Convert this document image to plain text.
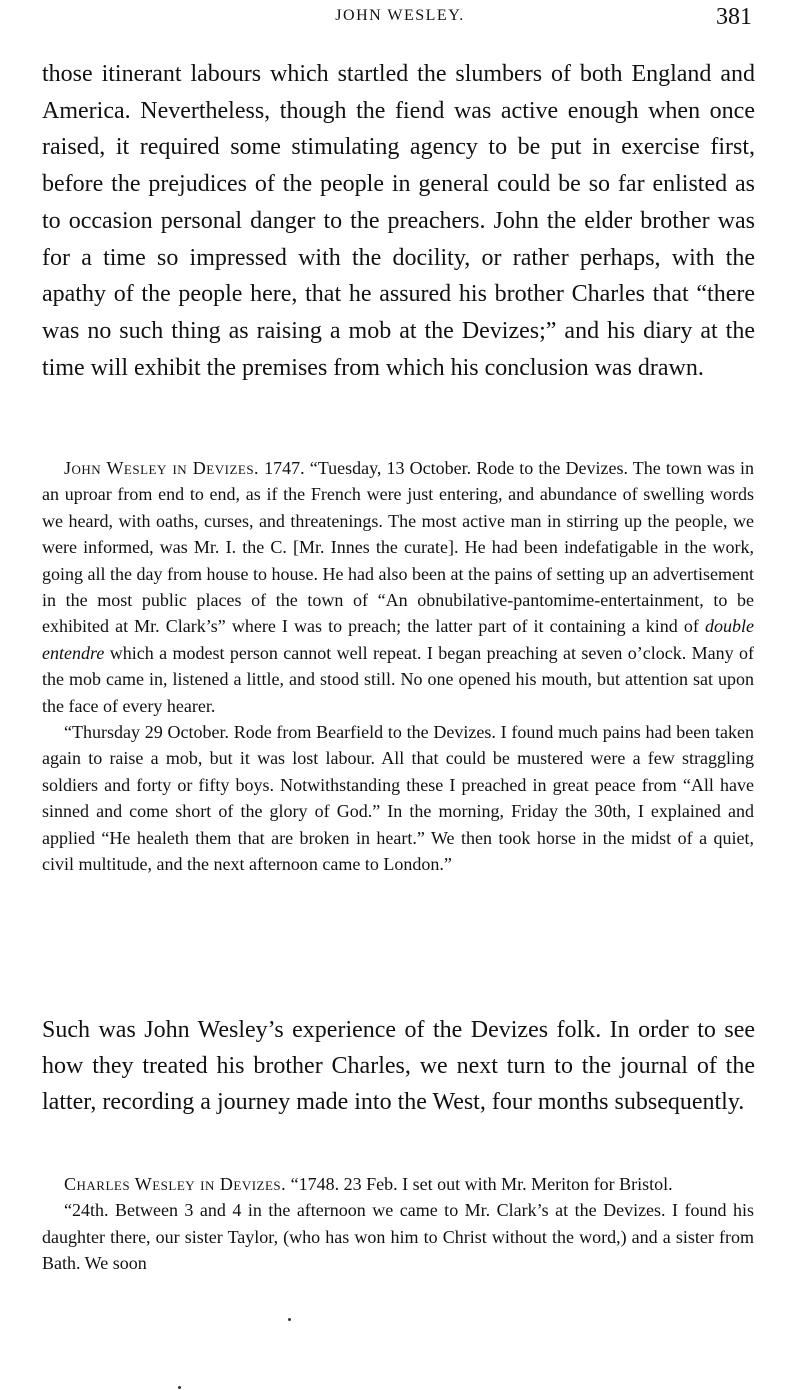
JOHN WESLEY.	381

those itinerant labours which startled the slumbers of both England and America. Nevertheless, though the fiend was active enough when once raised, it required some stimulating agency to be put in exercise first, before the prejudices of the people in general could be so far enlisted as to occasion personal danger to the preachers. John the elder brother was for a time so impressed with the docility, or rather perhaps, with the apathy of the people here, that he assured his brother Charles that “there was no such thing as raising a mob at the Devizes;” and his diary at the time will exhibit the premises from which his conclusion was drawn.

John Wesley in Devizes. 1747. “Tuesday, 13 October. Rode to the Devizes. The town was in an uproar from end to end, as if the French were just entering, and abundance of swelling words we heard, with oaths, curses, and threatenings. The most active man in stirring up the people, we were informed, was Mr. I. the C. [Mr. Innes the curate]. He had been indefatigable in the work, going all the day from house to house. He had also been at the pains of setting up an advertisement in the most public places of the town of “An obnubilative-pantomime-entertainment, to be exhibited at Mr. Clark’s” where I was to preach; the latter part of it containing a kind of double entendre which a modest person cannot well repeat. I began preaching at seven o’clock. Many of the mob came in, listened a little, and stood still. No one opened his mouth, but attention sat upon the face of every hearer.

“Thursday 29 October. Rode from Bearfield to the Devizes. I found much pains had been taken again to raise a mob, but it was lost labour. All that could be mustered were a few straggling soldiers and forty or fifty boys. Notwithstanding these I preached in great peace from “All have sinned and come short of the glory of God.” In the morning, Friday the 30th, I explained and applied “He healeth them that are broken in heart.” We then took horse in the midst of a quiet, civil multitude, and the next afternoon came to London.”

Such was John Wesley’s experience of the Devizes folk. In order to see how they treated his brother Charles, we next turn to the journal of the latter, recording a journey made into the West, four months subsequently.

Charles Wesley in Devizes. “1748. 23 Feb. I set out with Mr. Meriton for Bristol.

“24th. Between 3 and 4 in the afternoon we came to Mr. Clark’s at the Devizes. I found his daughter there, our sister Taylor, (who has won him to Christ without the word,) and a sister from Bath. We soon
